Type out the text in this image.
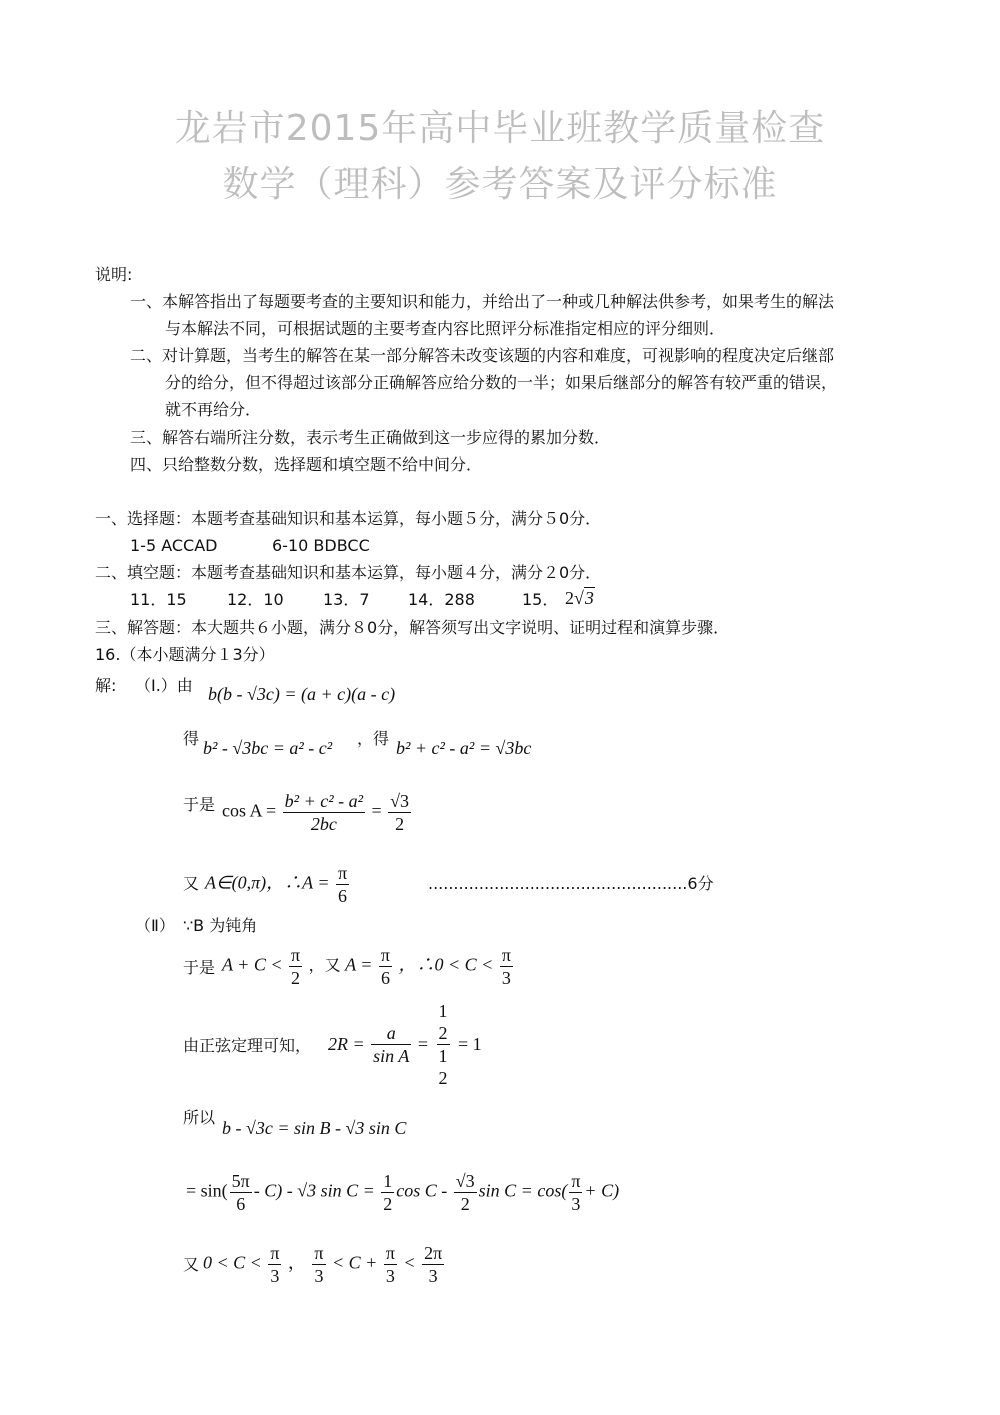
龙岩市2015年高中毕业班教学质量检查
数学（理科）参考答案及评分标准
说明:
一、本解答指出了每题要考查的主要知识和能力，并给出了一种或几种解法供参考，如果考生的解法
与本解法不同，可根据试题的主要考查内容比照评分标准指定相应的评分细则．
二、对计算题，当考生的解答在某一部分解答未改变该题的内容和难度，可视影响的程度决定后继部
分的给分，但不得超过该部分正确解答应给分数的一半；如果后继部分的解答有较严重的错误，
就不再给分．
三、解答右端所注分数，表示考生正确做到这一步应得的累加分数．
四、只给整数分数，选择题和填空题不给中间分．
一、选择题：本题考查基础知识和基本运算，每小题５分，满分５0分．
1-5 ACCAD	6-10 BDBCC
二、填空题：本题考查基础知识和基本运算，每小题４分，满分２0分．
11．15	12．10 13．7 14．288	15． 2√3
三、解答题：本大题共６小题，满分８0分，解答须写出文字说明、证明过程和演算步骤．
16.（本小题满分１3分）
解: （Ⅰ.）由 b(b - √3c) = (a + c)(a - c)
得 b² - √3bc = a² - c² ，得 b² + c² - a² = √3bc
于是 $\cos A = \frac{\text{b² + c² - a²}}{2bc} = \frac{√3}{2}$
又 A∈(0,π)，∴A = $\frac{\pi}{6}$	...................................................6分
（Ⅱ） ∵B 为钝角
于是 $A + C < \frac{\pi}{2}$ ，又 $A = \frac{\pi}{6}$ ，∴0 < $C < \frac{\pi}{3}$
由正弦定理可知， $2R = \frac{a}{\text{sin A}}$ =
1
2
1
2
= 1
所以
b - √3c = sin B - √3 sin C
= $\sin( \frac{5\pi}{6} - C) - √3$ $\sin C = \frac{1}{2}$ cos C - $\frac{√3}{2}$ $\sin C = \cos( \frac{\pi}{3} + C)$
又 $0 < C < \frac{\pi}{3}$ ， $\frac{\pi}{3} < C + \frac{\pi}{3} < \frac{2\pi}{3}$
